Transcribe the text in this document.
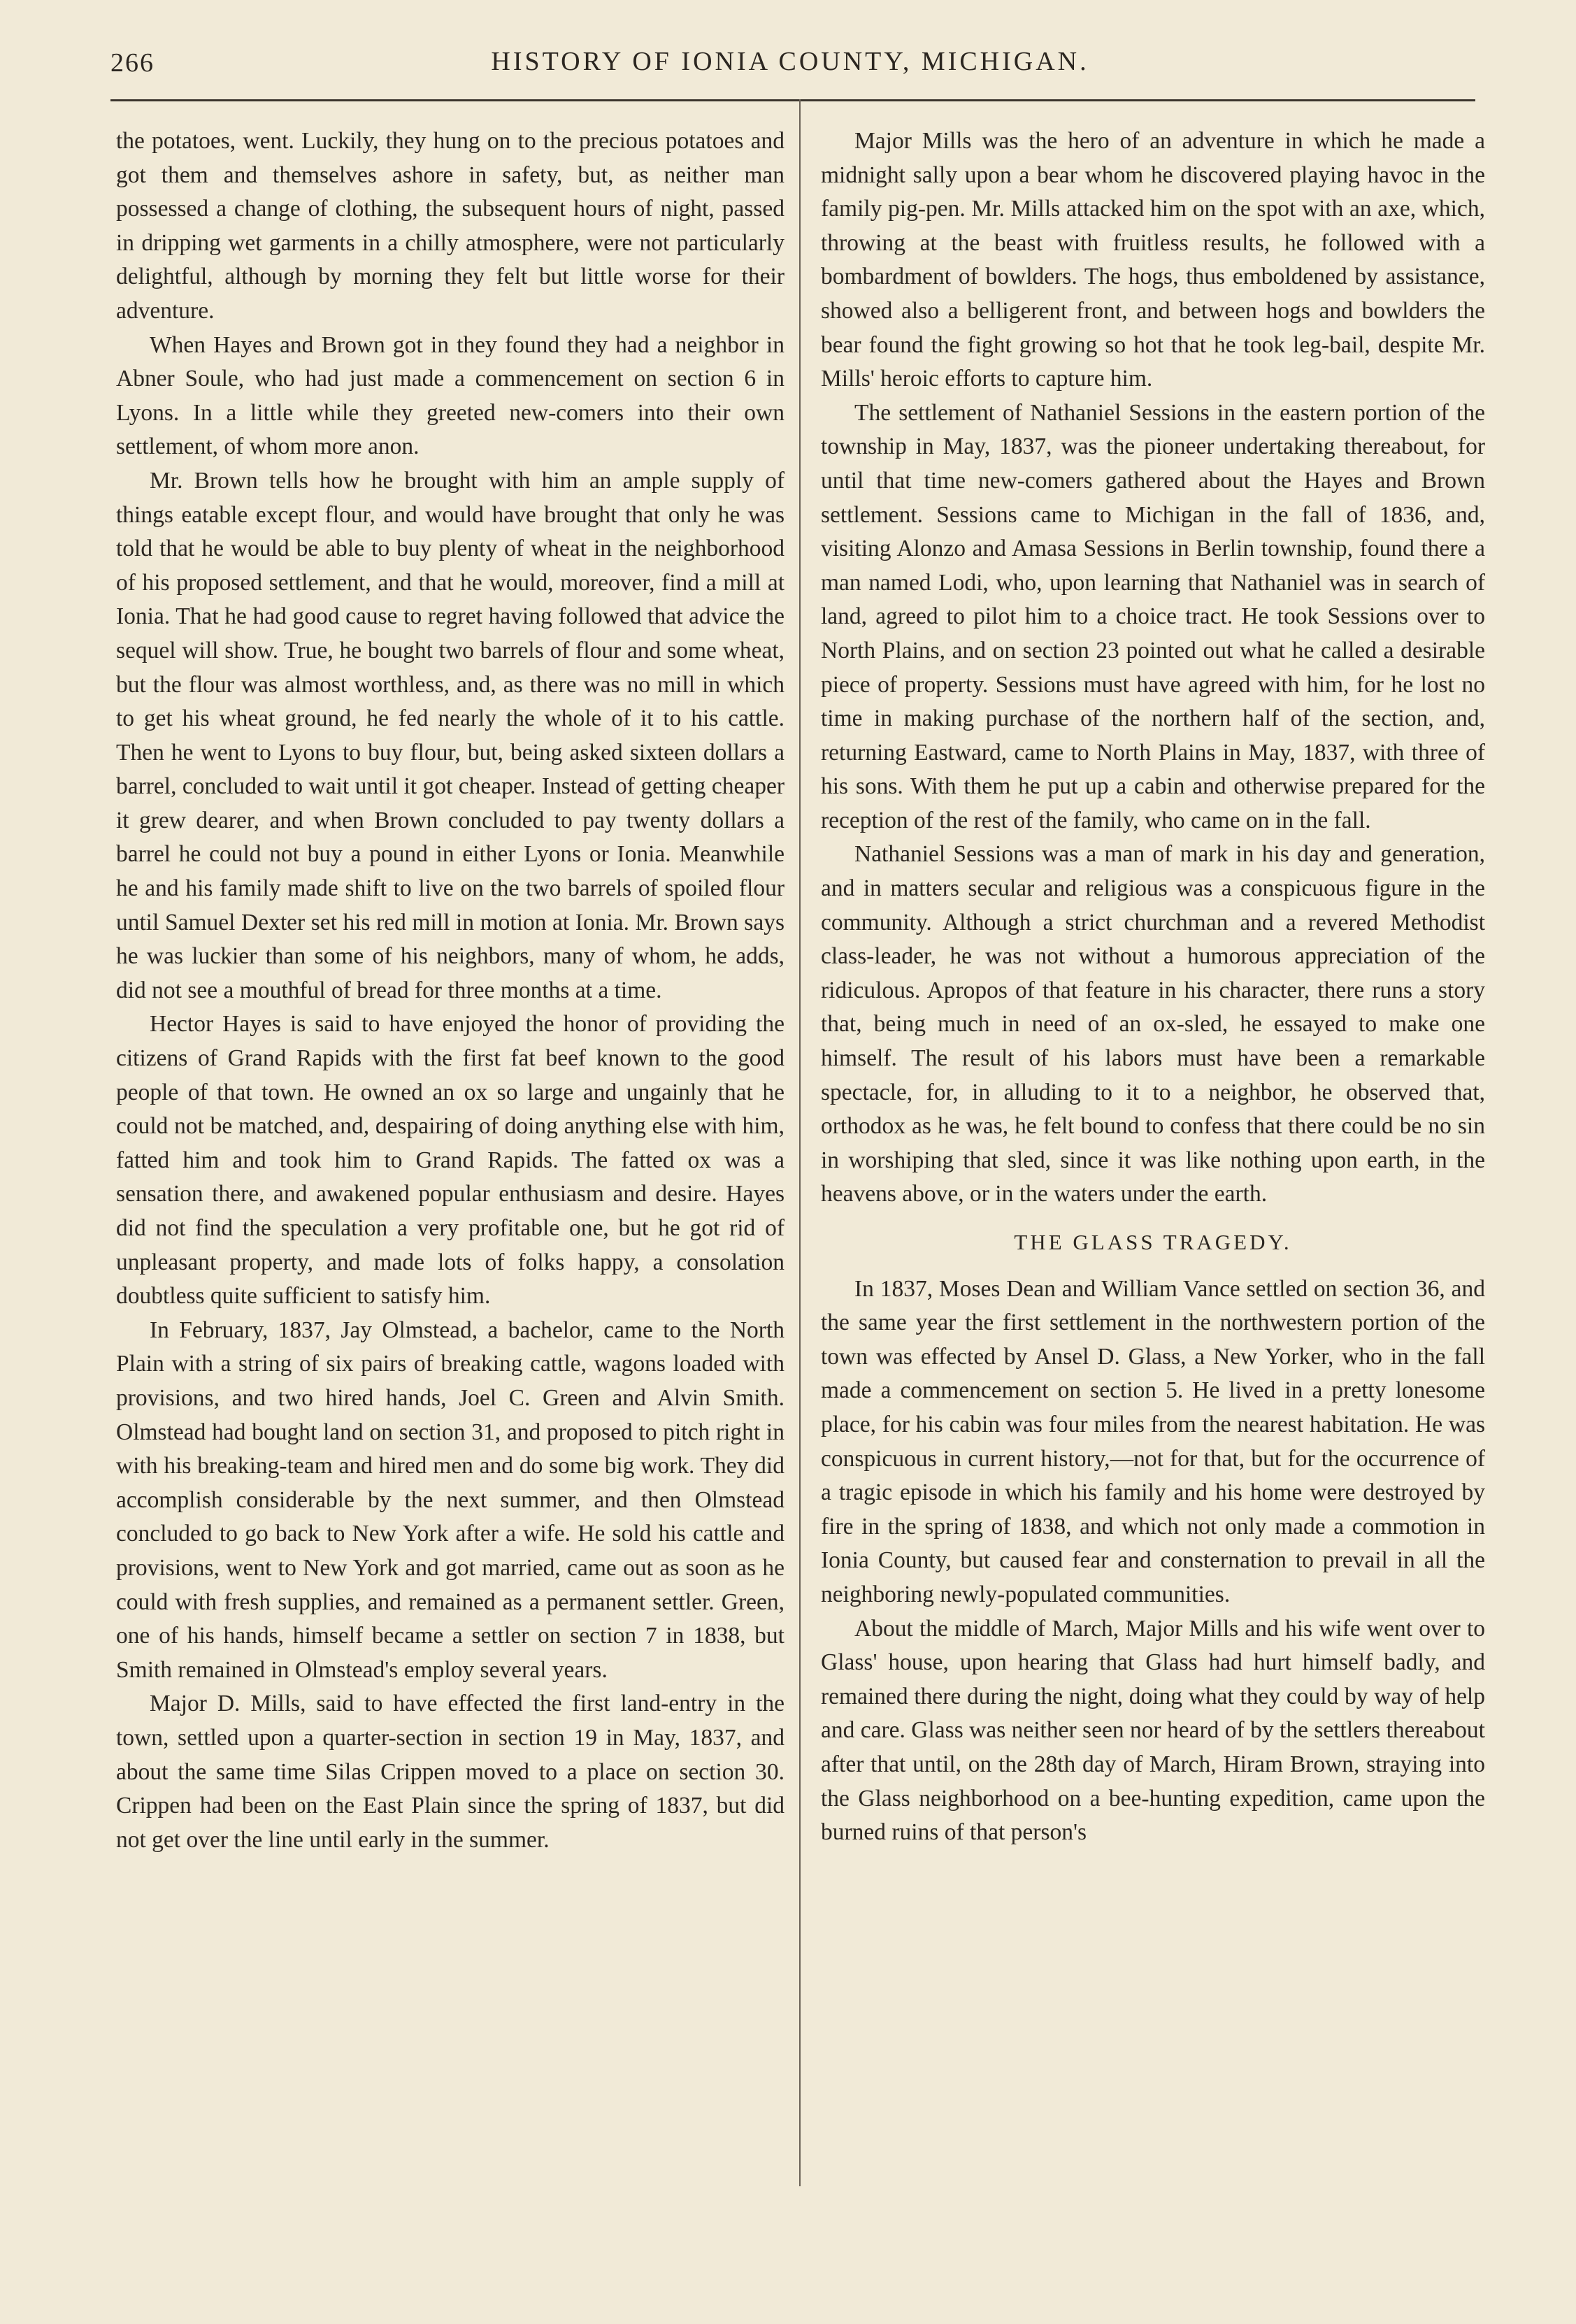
266	HISTORY OF IONIA COUNTY, MICHIGAN.

the potatoes, went. Luckily, they hung on to the precious potatoes and got them and themselves ashore in safety, but, as neither man possessed a change of clothing, the subsequent hours of night, passed in dripping wet garments in a chilly atmosphere, were not particularly delightful, although by morning they felt but little worse for their adventure.

When Hayes and Brown got in they found they had a neighbor in Abner Soule, who had just made a commencement on section 6 in Lyons. In a little while they greeted new-comers into their own settlement, of whom more anon.

Mr. Brown tells how he brought with him an ample supply of things eatable except flour, and would have brought that only he was told that he would be able to buy plenty of wheat in the neighborhood of his proposed settlement, and that he would, moreover, find a mill at Ionia. That he had good cause to regret having followed that advice the sequel will show. True, he bought two barrels of flour and some wheat, but the flour was almost worthless, and, as there was no mill in which to get his wheat ground, he fed nearly the whole of it to his cattle. Then he went to Lyons to buy flour, but, being asked sixteen dollars a barrel, concluded to wait until it got cheaper. Instead of getting cheaper it grew dearer, and when Brown concluded to pay twenty dollars a barrel he could not buy a pound in either Lyons or Ionia. Meanwhile he and his family made shift to live on the two barrels of spoiled flour until Samuel Dexter set his red mill in motion at Ionia. Mr. Brown says he was luckier than some of his neighbors, many of whom, he adds, did not see a mouthful of bread for three months at a time.

Hector Hayes is said to have enjoyed the honor of providing the citizens of Grand Rapids with the first fat beef known to the good people of that town. He owned an ox so large and ungainly that he could not be matched, and, despairing of doing anything else with him, fatted him and took him to Grand Rapids. The fatted ox was a sensation there, and awakened popular enthusiasm and desire. Hayes did not find the speculation a very profitable one, but he got rid of unpleasant property, and made lots of folks happy, a consolation doubtless quite sufficient to satisfy him.

In February, 1837, Jay Olmstead, a bachelor, came to the North Plain with a string of six pairs of breaking cattle, wagons loaded with provisions, and two hired hands, Joel C. Green and Alvin Smith. Olmstead had bought land on section 31, and proposed to pitch right in with his breaking-team and hired men and do some big work. They did accomplish considerable by the next summer, and then Olmstead concluded to go back to New York after a wife. He sold his cattle and provisions, went to New York and got married, came out as soon as he could with fresh supplies, and remained as a permanent settler. Green, one of his hands, himself became a settler on section 7 in 1838, but Smith remained in Olmstead's employ several years.

Major D. Mills, said to have effected the first land-entry in the town, settled upon a quarter-section in section 19 in May, 1837, and about the same time Silas Crippen moved to a place on section 30. Crippen had been on the East Plain since the spring of 1837, but did not get over the line until early in the summer.

Major Mills was the hero of an adventure in which he made a midnight sally upon a bear whom he discovered playing havoc in the family pig-pen. Mr. Mills attacked him on the spot with an axe, which, throwing at the beast with fruitless results, he followed with a bombardment of bowlders. The hogs, thus emboldened by assistance, showed also a belligerent front, and between hogs and bowlders the bear found the fight growing so hot that he took leg-bail, despite Mr. Mills' heroic efforts to capture him.

The settlement of Nathaniel Sessions in the eastern portion of the township in May, 1837, was the pioneer undertaking thereabout, for until that time new-comers gathered about the Hayes and Brown settlement. Sessions came to Michigan in the fall of 1836, and, visiting Alonzo and Amasa Sessions in Berlin township, found there a man named Lodi, who, upon learning that Nathaniel was in search of land, agreed to pilot him to a choice tract. He took Sessions over to North Plains, and on section 23 pointed out what he called a desirable piece of property. Sessions must have agreed with him, for he lost no time in making purchase of the northern half of the section, and, returning Eastward, came to North Plains in May, 1837, with three of his sons. With them he put up a cabin and otherwise prepared for the reception of the rest of the family, who came on in the fall.

Nathaniel Sessions was a man of mark in his day and generation, and in matters secular and religious was a conspicuous figure in the community. Although a strict churchman and a revered Methodist class-leader, he was not without a humorous appreciation of the ridiculous. Apropos of that feature in his character, there runs a story that, being much in need of an ox-sled, he essayed to make one himself. The result of his labors must have been a remarkable spectacle, for, in alluding to it to a neighbor, he observed that, orthodox as he was, he felt bound to confess that there could be no sin in worshiping that sled, since it was like nothing upon earth, in the heavens above, or in the waters under the earth.

THE GLASS TRAGEDY.

In 1837, Moses Dean and William Vance settled on section 36, and the same year the first settlement in the northwestern portion of the town was effected by Ansel D. Glass, a New Yorker, who in the fall made a commencement on section 5. He lived in a pretty lonesome place, for his cabin was four miles from the nearest habitation. He was conspicuous in current history,—not for that, but for the occurrence of a tragic episode in which his family and his home were destroyed by fire in the spring of 1838, and which not only made a commotion in Ionia County, but caused fear and consternation to prevail in all the neighboring newly-populated communities.

About the middle of March, Major Mills and his wife went over to Glass' house, upon hearing that Glass had hurt himself badly, and remained there during the night, doing what they could by way of help and care. Glass was neither seen nor heard of by the settlers thereabout after that until, on the 28th day of March, Hiram Brown, straying into the Glass neighborhood on a bee-hunting expedition, came upon the burned ruins of that person's
